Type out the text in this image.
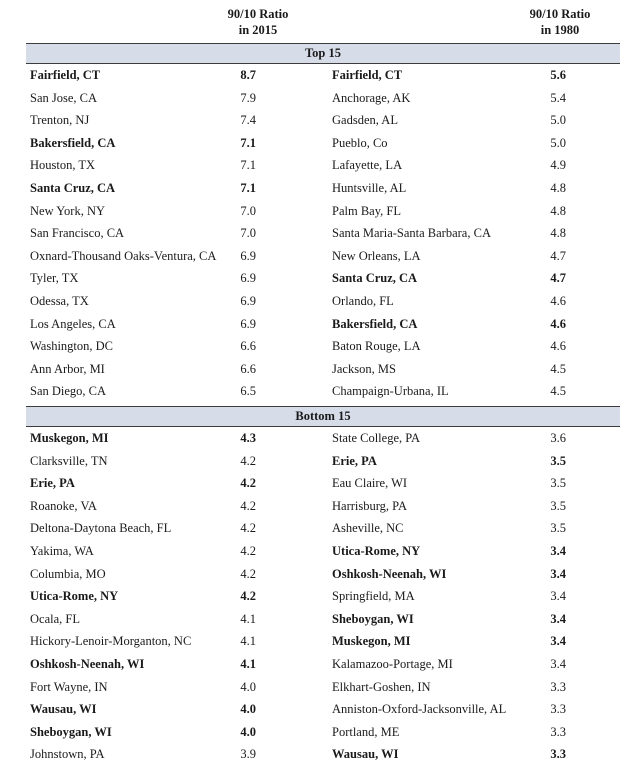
90/10 Ratio
in 2015
90/10 Ratio
in 1980
Top 15
Fairfield, CT	8.7	Fairfield, CT	5.6
San Jose, CA	7.9	Anchorage, AK	5.4
Trenton, NJ	7.4	Gadsden, AL	5.0
Bakersfield, CA	7.1	Pueblo, Co	5.0
Houston, TX	7.1	Lafayette, LA	4.9
Santa Cruz, CA	7.1	Huntsville, AL	4.8
New York, NY	7.0	Palm Bay, FL	4.8
San Francisco, CA	7.0	Santa Maria-Santa Barbara, CA	4.8
Oxnard-Thousand Oaks-Ventura, CA	6.9	New Orleans, LA	4.7
Tyler, TX	6.9	Santa Cruz, CA	4.7
Odessa, TX	6.9	Orlando, FL	4.6
Los Angeles, CA	6.9	Bakersfield, CA	4.6
Washington, DC	6.6	Baton Rouge, LA	4.6
Ann Arbor, MI	6.6	Jackson, MS	4.5
San Diego, CA	6.5	Champaign-Urbana, IL	4.5
Bottom 15
Muskegon, MI	4.3	State College, PA	3.6
Clarksville, TN	4.2	Erie, PA	3.5
Erie, PA	4.2	Eau Claire, WI	3.5
Roanoke, VA	4.2	Harrisburg, PA	3.5
Deltona-Daytona Beach, FL	4.2	Asheville, NC	3.5
Yakima, WA	4.2	Utica-Rome, NY	3.4
Columbia, MO	4.2	Oshkosh-Neenah, WI	3.4
Utica-Rome, NY	4.2	Springfield, MA	3.4
Ocala, FL	4.1	Sheboygan, WI	3.4
Hickory-Lenoir-Morganton, NC	4.1	Muskegon, MI	3.4
Oshkosh-Neenah, WI	4.1	Kalamazoo-Portage, MI	3.4
Fort Wayne, IN	4.0	Elkhart-Goshen, IN	3.3
Wausau, WI	4.0	Anniston-Oxford-Jacksonville, AL	3.3
Sheboygan, WI	4.0	Portland, ME	3.3
Johnstown, PA	3.9	Wausau, WI	3.3
